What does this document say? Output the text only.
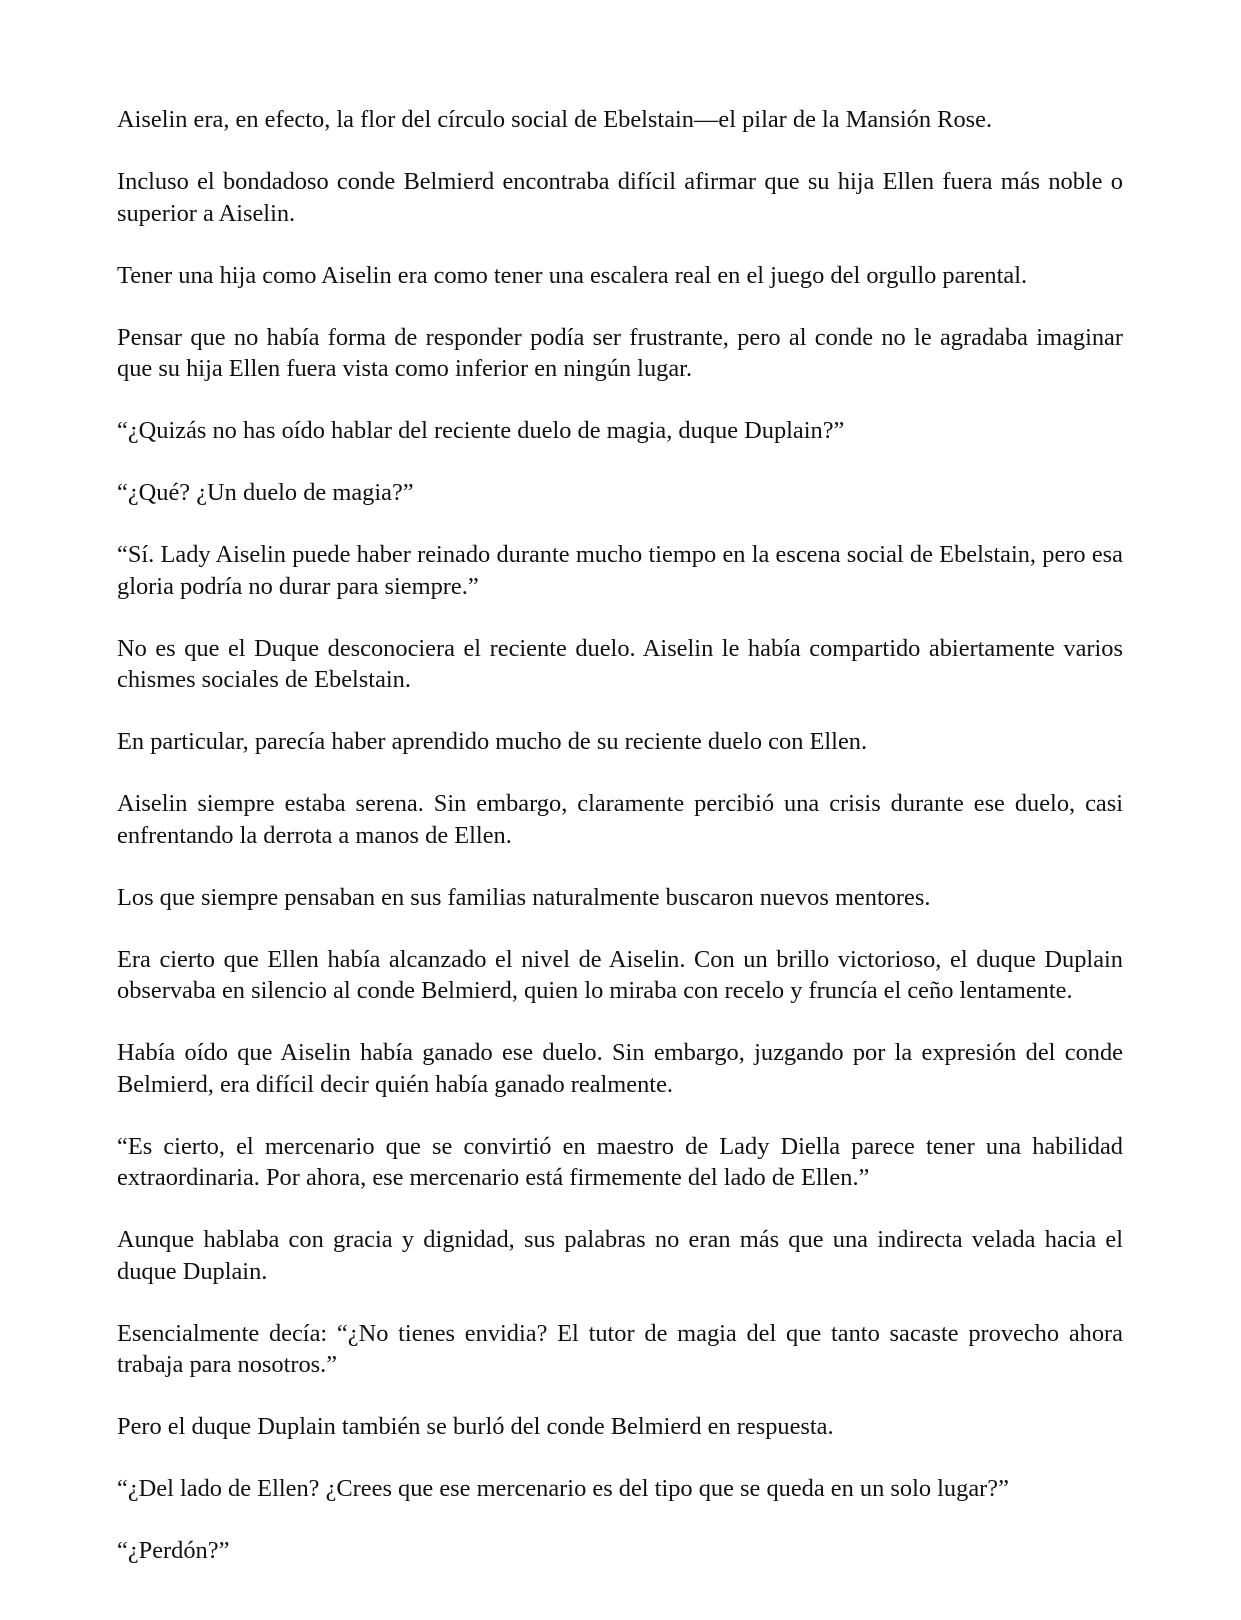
Aiselin era, en efecto, la flor del círculo social de Ebelstain—el pilar de la Mansión Rose.

Incluso el bondadoso conde Belmierd encontraba difícil afirmar que su hija Ellen fuera más noble o superior a Aiselin.

Tener una hija como Aiselin era como tener una escalera real en el juego del orgullo parental.

Pensar que no había forma de responder podía ser frustrante, pero al conde no le agradaba imaginar que su hija Ellen fuera vista como inferior en ningún lugar.

“¿Quizás no has oído hablar del reciente duelo de magia, duque Duplain?”

“¿Qué? ¿Un duelo de magia?”

“Sí. Lady Aiselin puede haber reinado durante mucho tiempo en la escena social de Ebelstain, pero esa gloria podría no durar para siempre.”

No es que el Duque desconociera el reciente duelo. Aiselin le había compartido abiertamente varios chismes sociales de Ebelstain.

En particular, parecía haber aprendido mucho de su reciente duelo con Ellen.

Aiselin siempre estaba serena. Sin embargo, claramente percibió una crisis durante ese duelo, casi enfrentando la derrota a manos de Ellen.

Los que siempre pensaban en sus familias naturalmente buscaron nuevos mentores.

Era cierto que Ellen había alcanzado el nivel de Aiselin. Con un brillo victorioso, el duque Duplain observaba en silencio al conde Belmierd, quien lo miraba con recelo y fruncía el ceño lentamente.

Había oído que Aiselin había ganado ese duelo. Sin embargo, juzgando por la expresión del conde Belmierd, era difícil decir quién había ganado realmente.

“Es cierto, el mercenario que se convirtió en maestro de Lady Diella parece tener una habilidad extraordinaria. Por ahora, ese mercenario está firmemente del lado de Ellen.”

Aunque hablaba con gracia y dignidad, sus palabras no eran más que una indirecta velada hacia el duque Duplain.

Esencialmente decía: “¿No tienes envidia? El tutor de magia del que tanto sacaste provecho ahora trabaja para nosotros.”

Pero el duque Duplain también se burló del conde Belmierd en respuesta.

“¿Del lado de Ellen? ¿Crees que ese mercenario es del tipo que se queda en un solo lugar?”

“¿Perdón?”
